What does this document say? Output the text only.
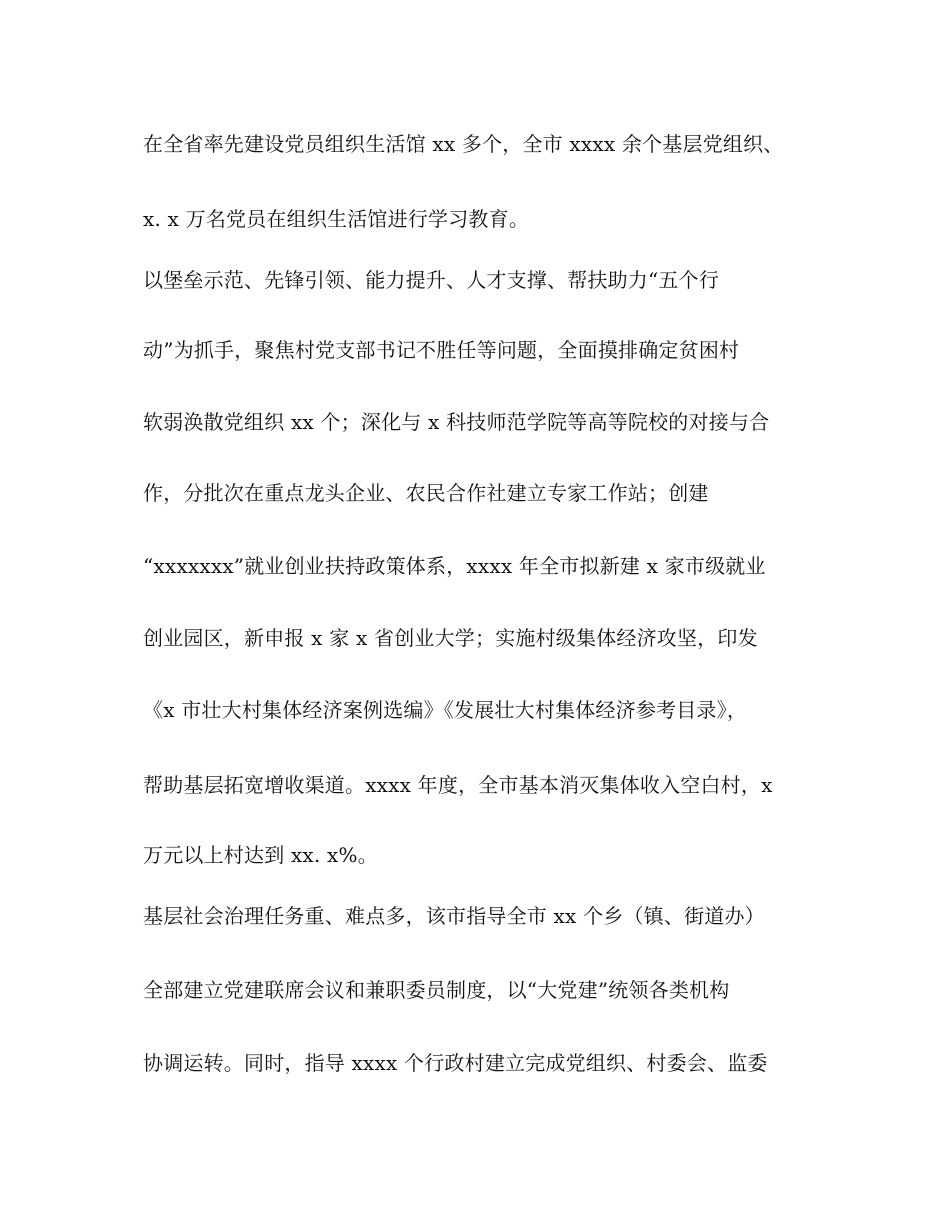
在全省率先建设党员组织生活馆 xx 多个，全市 xxxx 余个基层党组织、
x. x 万名党员在组织生活馆进行学习教育。
以堡垒示范、先锋引领、能力提升、人才支撑、帮扶助力“五个行
动”为抓手，聚焦村党支部书记不胜任等问题，全面摸排确定贫困村
软弱涣散党组织 xx 个；深化与 x 科技师范学院等高等院校的对接与合
作，分批次在重点龙头企业、农民合作社建立专家工作站；创建
“xxxxxxx”就业创业扶持政策体系，xxxx 年全市拟新建 x 家市级就业
创业园区，新申报 x 家 x 省创业大学；实施村级集体经济攻坚，印发
《x 市壮大村集体经济案例选编》《发展壮大村集体经济参考目录》，
帮助基层拓宽增收渠道。xxxx 年度，全市基本消灭集体收入空白村，x
万元以上村达到 xx. x%。
基层社会治理任务重、难点多，该市指导全市 xx 个乡（镇、街道办）
全部建立党建联席会议和兼职委员制度，以“大党建”统领各类机构
协调运转。同时，指导 xxxx 个行政村建立完成党组织、村委会、监委
